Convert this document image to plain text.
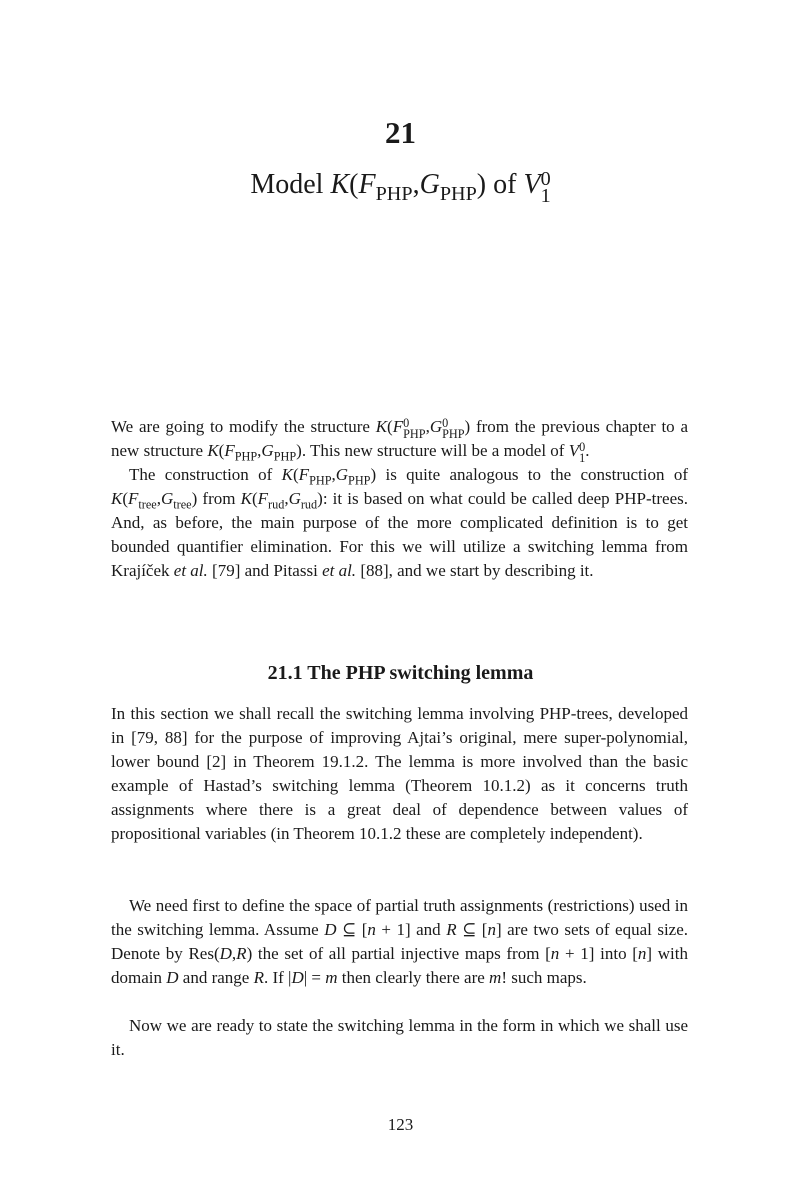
21
Model $K(F_{PHP},G_{PHP})$ of V 0
1

We are going to modify the structure K(F 0
PHP ,G 0
PHP ) from the previous chapter to a new structure $K(F_{PHP},G_{PHP})$. This new structure will be a model of V 0
1 .

The construction of $K(F_{PHP},G_{PHP})$ is quite analogous to the construction of $K(F_{tree},G_{tree})$ from $K(F_{rud},G_{rud})$: it is based on what could be called deep PHP-trees. And, as before, the main purpose of the more complicated definition is to get bounded quantifier elimination. For this we will utilize a switching lemma from Krajíček et al. [79] and Pitassi et al. [88], and we start by describing it.

21.1 The PHP switching lemma

In this section we shall recall the switching lemma involving PHP-trees, developed in [79, 88] for the purpose of improving Ajtai’s original, mere super-polynomial, lower bound [2] in Theorem 19.1.2. The lemma is more involved than the basic example of Hastad’s switching lemma (Theorem 10.1.2) as it concerns truth assignments where there is a great deal of dependence between values of propositional variables (in Theorem 10.1.2 these are completely independent).

We need first to define the space of partial truth assignments (restrictions) used in the switching lemma. Assume D ⊆ [n + 1] and R ⊆ [n] are two sets of equal size. Denote by Res(D,R) the set of all partial injective maps from [n + 1] into [n] with domain D and range R. If |D| = m then clearly there are m! such maps.

Now we are ready to state the switching lemma in the form in which we shall use it.

123
